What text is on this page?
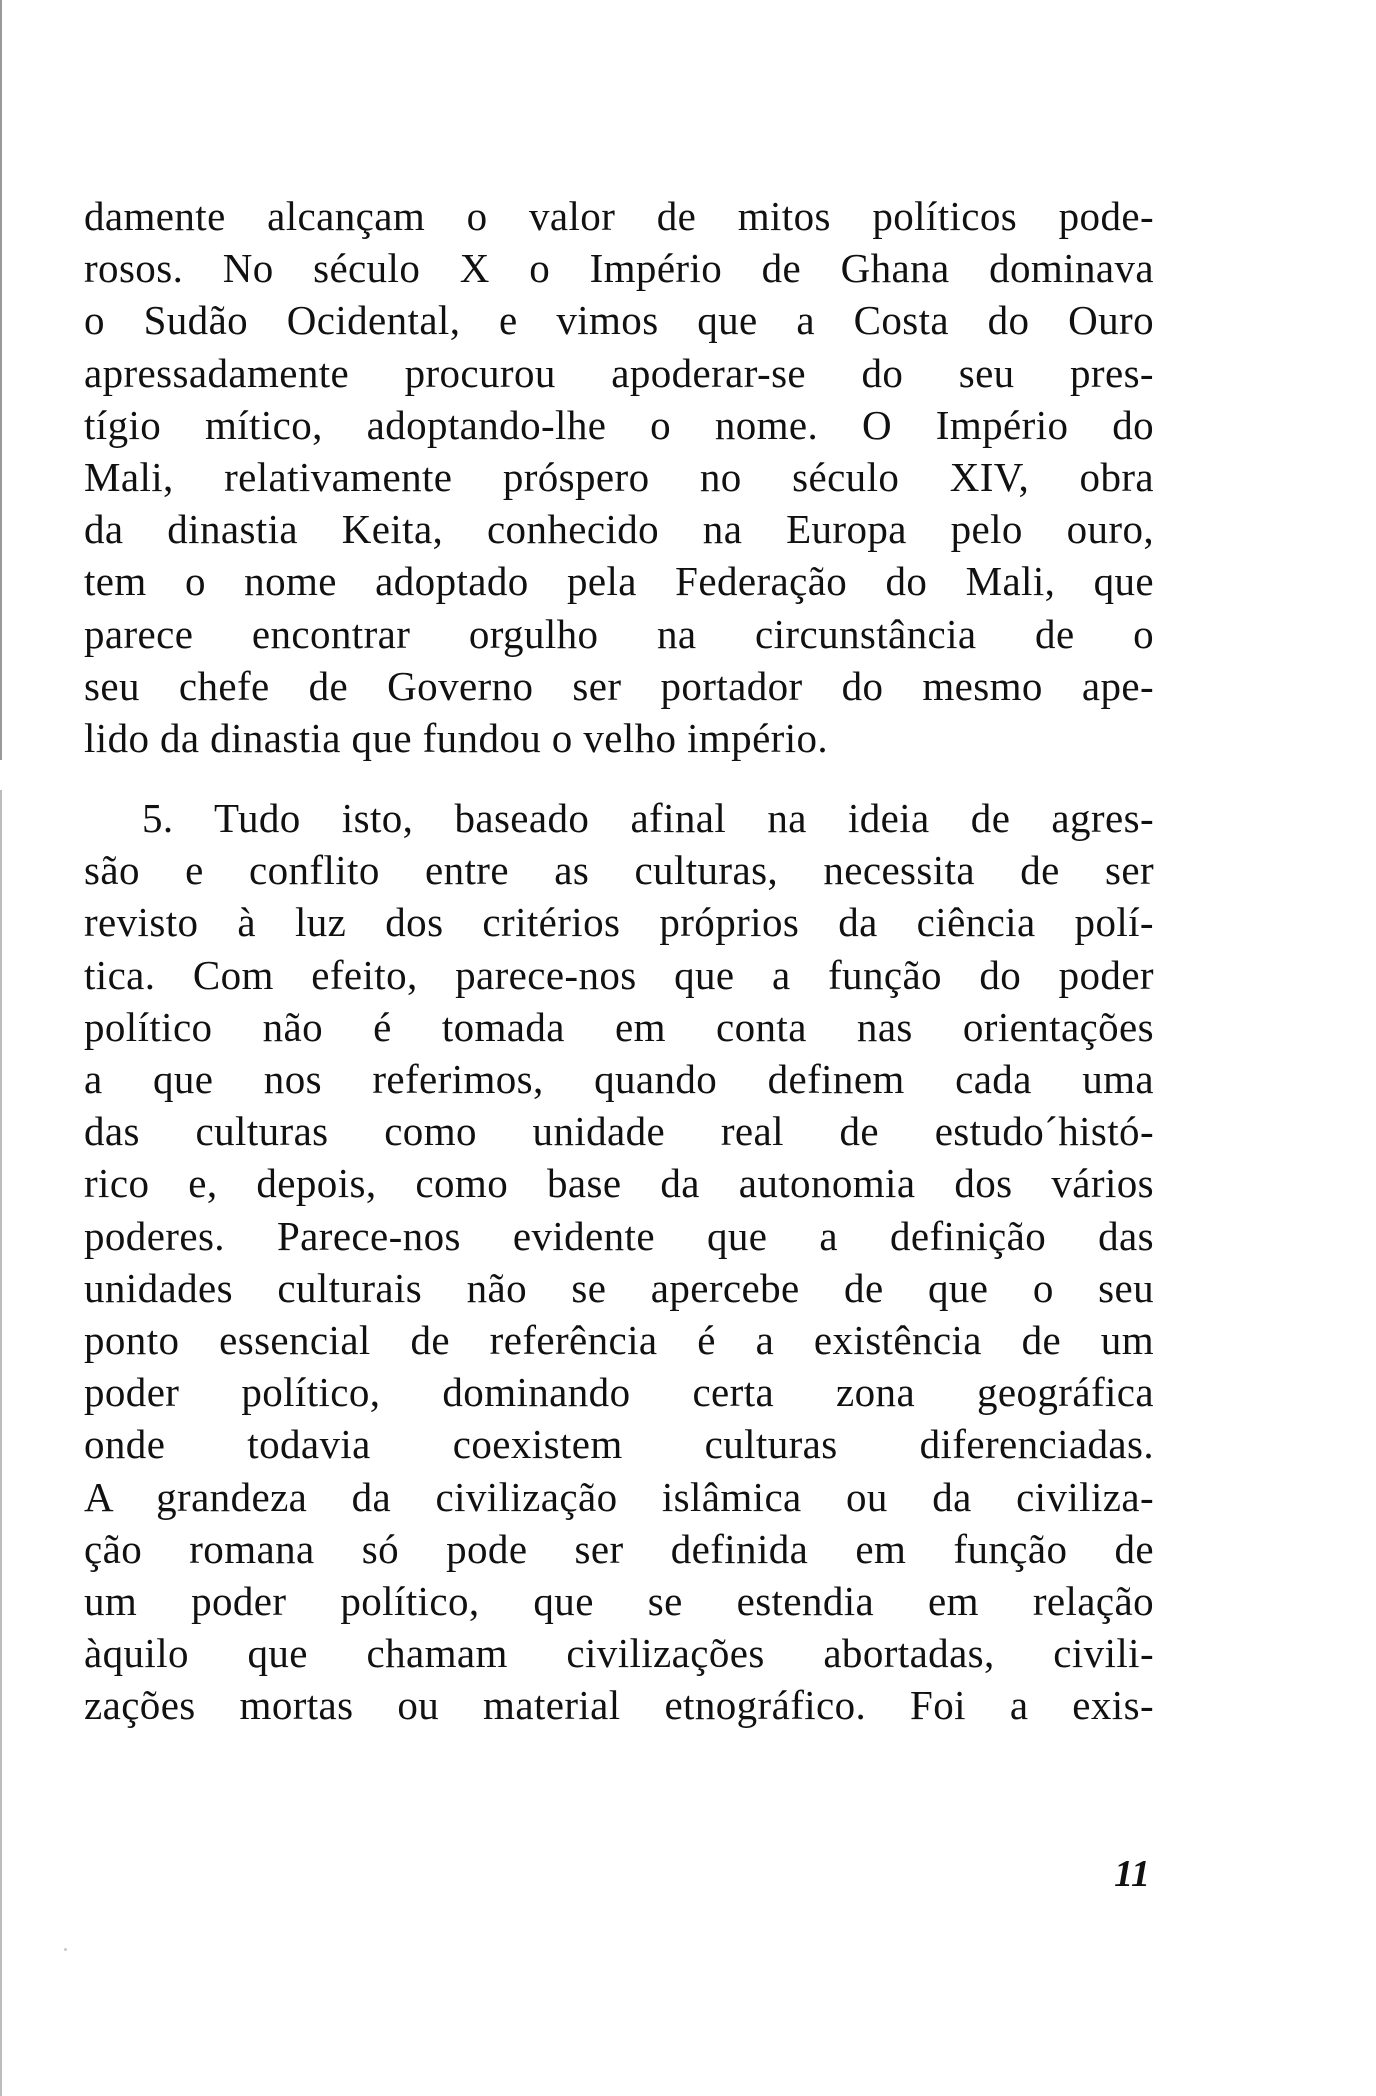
damente alcançam o valor de mitos políticos pode-
rosos. No século X o Império de Ghana dominava
o Sudão Ocidental, e vimos que a Costa do Ouro
apressadamente procurou apoderar-se do seu pres-
tígio mítico, adoptando-lhe o nome. O Império do
Mali, relativamente próspero no século XIV, obra
da dinastia Keita, conhecido na Europa pelo ouro,
tem o nome adoptado pela Federação do Mali, que
parece encontrar orgulho na circunstância de o
seu chefe de Governo ser portador do mesmo ape-
lido da dinastia que fundou o velho império.
5. Tudo isto, baseado afinal na ideia de agres-
são e conflito entre as culturas, necessita de ser
revisto à luz dos critérios próprios da ciência polí-
tica. Com efeito, parece-nos que a função do poder
político não é tomada em conta nas orientações
a que nos referimos, quando definem cada uma
das culturas como unidade real de estudo´histó-
rico e, depois, como base da autonomia dos vários
poderes. Parece-nos evidente que a definição das
unidades culturais não se apercebe de que o seu
ponto essencial de referência é a existência de um
poder político, dominando certa zona geográfica
onde todavia coexistem culturas diferenciadas.
A grandeza da civilização islâmica ou da civiliza-
ção romana só pode ser definida em função de
um poder político, que se estendia em relação
àquilo que chamam civilizações abortadas, civili-
zações mortas ou material etnográfico. Foi a exis-
11
